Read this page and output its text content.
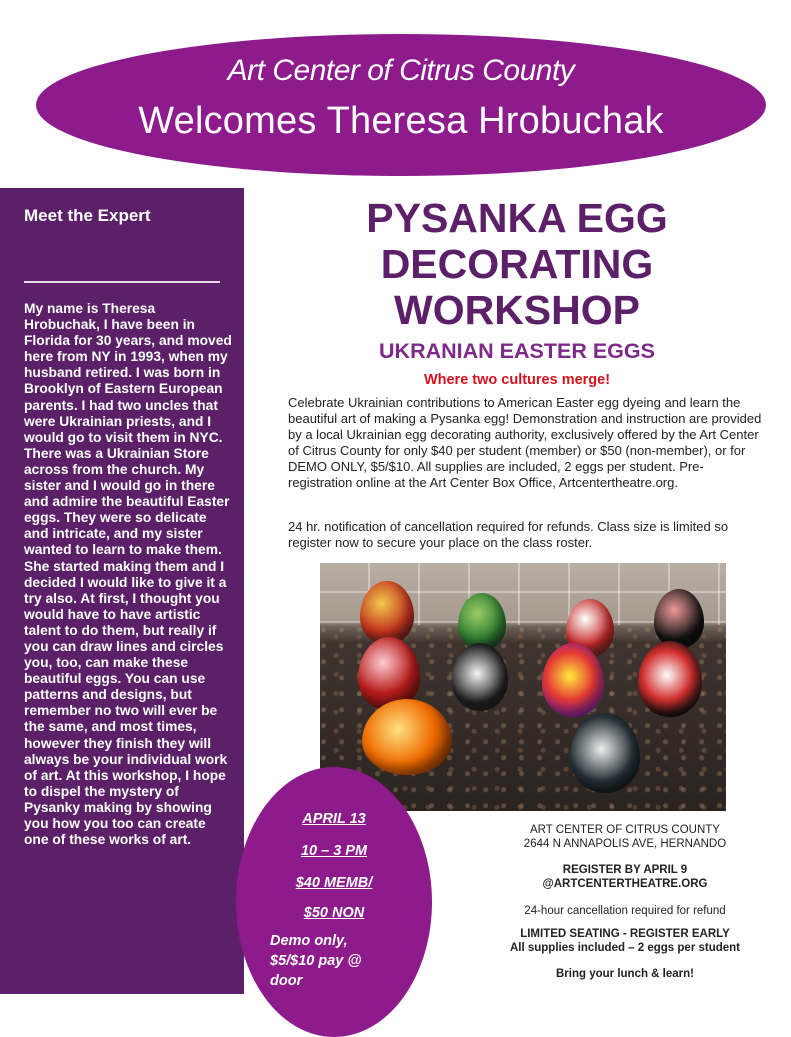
Art Center of Citrus County
Welcomes Theresa Hrobuchak
Meet the Expert
My name is Theresa Hrobuchak, I have been in Florida for 30 years, and moved here from NY in 1993, when my husband retired. I was born in Brooklyn of Eastern European parents. I had two uncles that were Ukrainian priests, and I would go to visit them in NYC. There was a Ukrainian Store across from the church. My sister and I would go in there and admire the beautiful Easter eggs. They were so delicate and intricate, and my sister wanted to learn to make them. She started making them and I decided I would like to give it a try also. At first, I thought you would have to have artistic talent to do them, but really if you can draw lines and circles you, too, can make these beautiful eggs. You can use patterns and designs, but remember no two will ever be the same, and most times, however they finish they will always be your individual work of art. At this workshop, I hope to dispel the mystery of Pysanky making by showing you how you too can create one of these works of art.
PYSANKA EGG
DECORATING
WORKSHOP
UKRANIAN EASTER EGGS
Where two cultures merge!
Celebrate Ukrainian contributions to American Easter egg dyeing and learn the beautiful art of making a Pysanka egg! Demonstration and instruction are provided by a local Ukrainian egg decorating authority, exclusively offered by the Art Center of Citrus County for only $40 per student (member) or $50 (non-member), or for DEMO ONLY, $5/$10. All supplies are included, 2 eggs per student. Pre-registration online at the Art Center Box Office, Artcentertheatre.org.
24 hr. notification of cancellation required for refunds. Class size is limited so register now to secure your place on the class roster.
APRIL 13
10 – 3 PM
$40 MEMB/
$50 NON
Demo only, $5/$10 pay @ door
ART CENTER OF CITRUS COUNTY
2644 N ANNAPOLIS AVE, HERNANDO
REGISTER BY APRIL 9
@ARTCENTERTHEATRE.ORG
24-hour cancellation required for refund
LIMITED SEATING - REGISTER EARLY
All supplies included – 2 eggs per student
Bring your lunch & learn!
